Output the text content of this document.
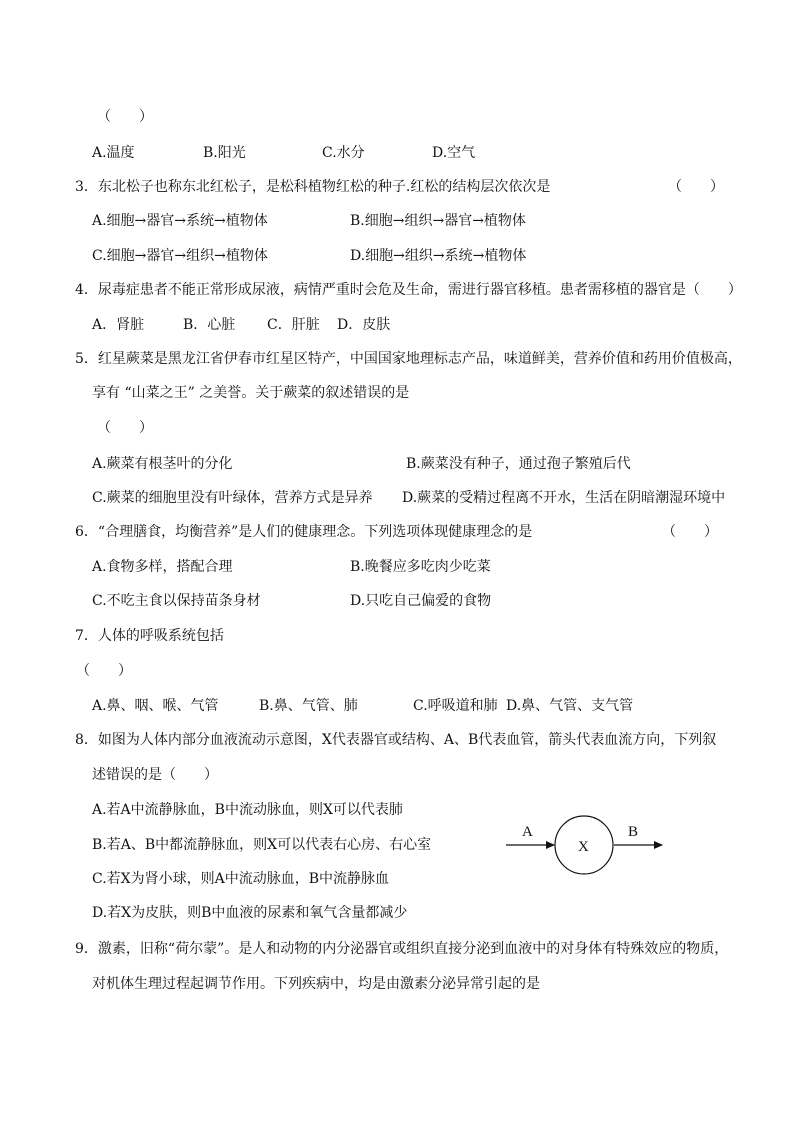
（　　）
A.温度	B.阳光	C.水分	D.空气
3．东北松子也称东北红松子，是松科植物红松的种子.红松的结构层次依次是	（　　）
A.细胞→器官→系统→植物体	B.细胞→组织→器官→植物体
C.细胞→器官→组织→植物体	D.细胞→组织→系统→植物体
4．尿毒症患者不能正常形成尿液，病情严重时会危及生命，需进行器官移植。患者需移植的器官是（　　）
A．肾脏	B．心脏 C．肝脏 D．皮肤
5．红星蕨菜是黑龙江省伊春市红星区特产，中国国家地理标志产品，味道鲜美，营养价值和药用价值极高，
享有 “山菜之王” 之美誉。关于蕨菜的叙述错误的是
（　　）
A.蕨菜有根茎叶的分化	B.蕨菜没有种子，通过孢子繁殖后代
C.蕨菜的细胞里没有叶绿体，营养方式是异养 D.蕨菜的受精过程离不开水，生活在阴暗潮湿环境中
6．“合理膳食，均衡营养”是人们的健康理念。下列选项体现健康理念的是	（　　）
A.食物多样，搭配合理	B.晚餐应多吃肉少吃菜
C.不吃主食以保持苗条身材	D.只吃自己偏爱的食物
7．人体的呼吸系统包括
（　　）
A.鼻、咽、喉、气管	B.鼻、气管、肺	C.呼吸道和肺 D.鼻、气管、支气管
8．如图为人体内部分血液流动示意图，X代表器官或结构、A、B代表血管，箭头代表血流方向，下列叙
述错误的是（　　）
A.若A中流静脉血，B中流动脉血，则X可以代表肺
B.若A、B中都流静脉血，则X可以代表右心房、右心室
C.若X为肾小球，则A中流动脉血，B中流静脉血
D.若X为皮肤，则B中血液的尿素和氧气含量都减少
A
X
B
9．激素，旧称“荷尔蒙”。是人和动物的内分泌器官或组织直接分泌到血液中的对身体有特殊效应的物质，
对机体生理过程起调节作用。下列疾病中，均是由激素分泌异常引起的是
